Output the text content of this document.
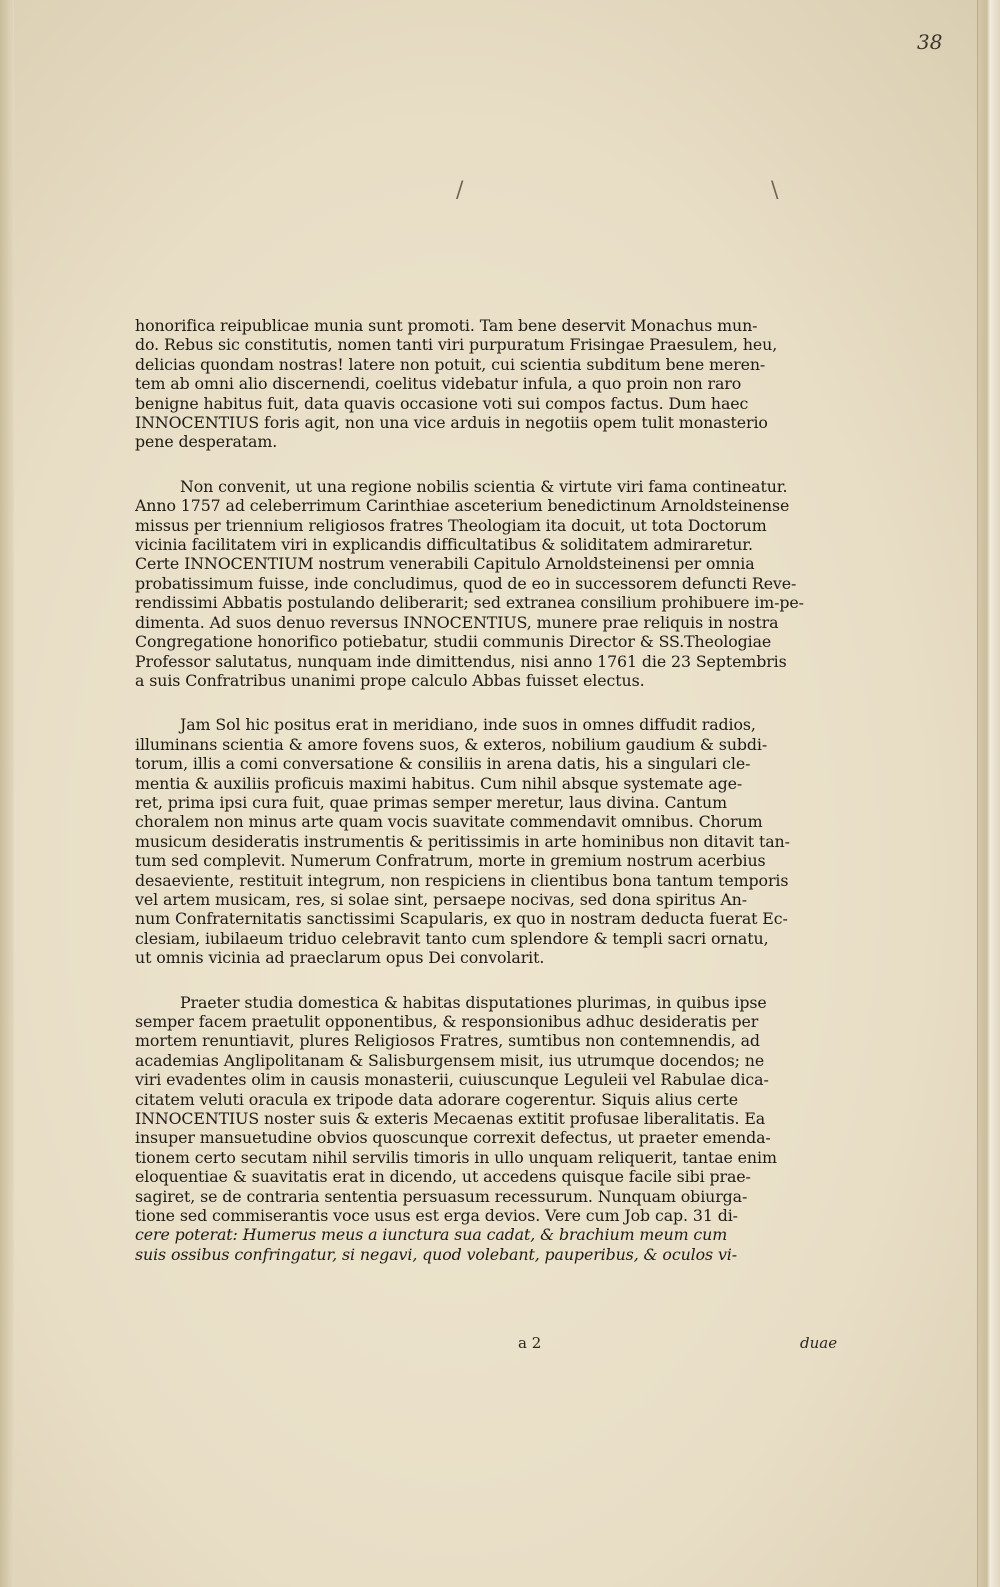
38
/	\
honorifica reipublicae munia sunt promoti. Tam bene deservit Monachus mun-
do. Rebus sic constitutis, nomen tanti viri purpuratum Frisingae Praesulem, heu,
delicias quondam nostras! latere non potuit, cui scientia subditum bene meren-
tem ab omni alio discernendi, coelitus videbatur infula, a quo proin non raro
benigne habitus fuit, data quavis occasione voti sui compos factus. Dum haec
INNOCENTIUS foris agit, non una vice arduis in negotiis opem tulit monasterio
pene desperatam.
Non convenit, ut una regione nobilis scientia & virtute viri fama contineatur.
Anno 1757 ad celeberrimum Carinthiae asceterium benedictinum Arnoldsteinense
missus per triennium religiosos fratres Theologiam ita docuit, ut tota Doctorum
vicinia facilitatem viri in explicandis difficultatibus & soliditatem admiraretur.
Certe INNOCENTIUM nostrum venerabili Capitulo Arnoldsteinensi per omnia
probatissimum fuisse, inde concludimus, quod de eo in successorem defuncti Reve-
rendissimi Abbatis postulando deliberarit; sed extranea consilium prohibuere im-pe-
dimenta. Ad suos denuo reversus INNOCENTIUS, munere prae reliquis in nostra
Congregatione honorifico potiebatur, studii communis Director & SS.Theologiae
Professor salutatus, nunquam inde dimittendus, nisi anno 1761 die 23 Septembris
a suis Confratribus unanimi prope calculo Abbas fuisset electus.
Jam Sol hic positus erat in meridiano, inde suos in omnes diffudit radios,
illuminans scientia & amore fovens suos, & exteros, nobilium gaudium & subdi-
torum, illis a comi conversatione & consiliis in arena datis, his a singulari cle-
mentia & auxiliis proficuis maximi habitus. Cum nihil absque systemate age-
ret, prima ipsi cura fuit, quae primas semper meretur, laus divina. Cantum
choralem non minus arte quam vocis suavitate commendavit omnibus. Chorum
musicum desideratis instrumentis & peritissimis in arte hominibus non ditavit tan-
tum sed complevit. Numerum Confratrum, morte in gremium nostrum acerbius
desaeviente, restituit integrum, non respiciens in clientibus bona tantum temporis
vel artem musicam, res, si solae sint, persaepe nocivas, sed dona spiritus An-
num Confraternitatis sanctissimi Scapularis, ex quo in nostram deducta fuerat Ec-
clesiam, iubilaeum triduo celebravit tanto cum splendore & templi sacri ornatu,
ut omnis vicinia ad praeclarum opus Dei convolarit.
Praeter studia domestica & habitas disputationes plurimas, in quibus ipse
semper facem praetulit opponentibus, & responsionibus adhuc desideratis per
mortem renuntiavit, plures Religiosos Fratres, sumtibus non contemnendis, ad
academias Anglipolitanam & Salisburgensem misit, ius utrumque docendos; ne
viri evadentes olim in causis monasterii, cuiuscunque Leguleii vel Rabulae dica-
citatem veluti oracula ex tripode data adorare cogerentur. Siquis alius certe
INNOCENTIUS noster suis & exteris Mecaenas extitit profusae liberalitatis. Ea
insuper mansuetudine obvios quoscunque correxit defectus, ut praeter emenda-
tionem certo secutam nihil servilis timoris in ullo unquam reliquerit, tantae enim
eloquentiae & suavitatis erat in dicendo, ut accedens quisque facile sibi prae-
sagiret, se de contraria sententia persuasum recessurum. Nunquam obiurga-
tione sed commiserantis voce usus est erga devios. Vere cum Job cap. 31 di-
cere poterat: Humerus meus a iunctura sua cadat, & brachium meum cum
suis ossibus confringatur, si negavi, quod volebant, pauperibus, & oculos vi-
a 2	duae
